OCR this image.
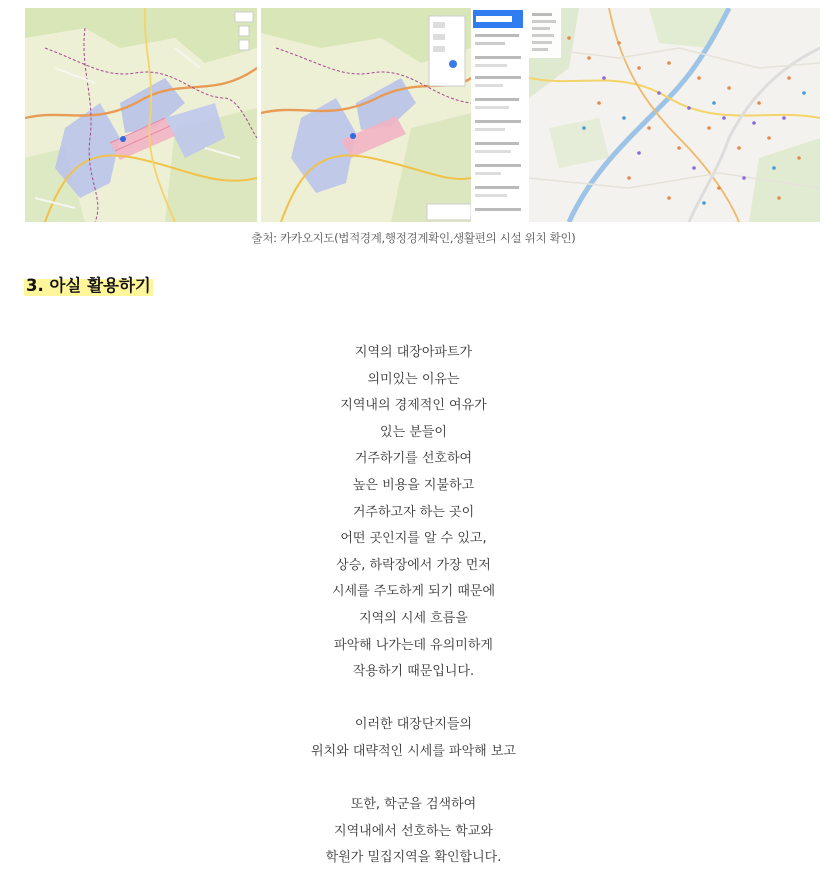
출처: 카카오지도(법적경계,행정경계확인,생활편의 시설 위치 확인)
3. 아실 활용하기

지역의 대장아파트가

의미있는 이유는

지역내의 경제적인 여유가

있는 분들이

거주하기를 선호하여

높은 비용을 지불하고

거주하고자 하는 곳이

어떤 곳인지를 알 수 있고,

상승, 하락장에서 가장 먼저

시세를 주도하게 되기 때문에

지역의 시세 흐름을

파악해 나가는데 유의미하게

작용하기 때문입니다.

이러한 대장단지들의

위치와 대략적인 시세를 파악해 보고

또한, 학군을 검색하여

지역내에서 선호하는 학교와

학원가 밀집지역을 확인합니다.
